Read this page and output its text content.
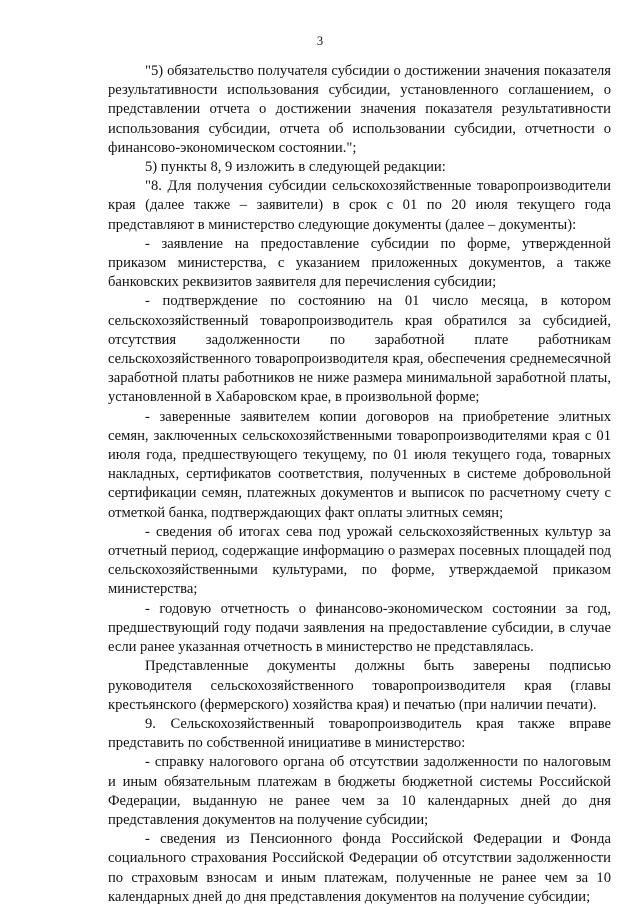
3

"5) обязательство получателя субсидии о достижении значения показателя результативности использования субсидии, установленного соглашением, о представлении отчета о достижении значения показателя результативности использования субсидии, отчета об использовании субсидии, отчетности о финансово-экономическом состоянии.";

5) пункты 8, 9 изложить в следующей редакции:

"8. Для получения субсидии сельскохозяйственные товаропроизводители края (далее также – заявители) в срок с 01 по 20 июля текущего года представляют в министерство следующие документы (далее – документы):

- заявление на предоставление субсидии по форме, утвержденной приказом министерства, с указанием приложенных документов, а также банковских реквизитов заявителя для перечисления субсидии;

- подтверждение по состоянию на 01 число месяца, в котором сельскохозяйственный товаропроизводитель края обратился за субсидией, отсутствия задолженности по заработной плате работникам сельскохозяйственного товаропроизводителя края, обеспечения среднемесячной заработной платы работников не ниже размера минимальной заработной платы, установленной в Хабаровском крае, в произвольной форме;

- заверенные заявителем копии договоров на приобретение элитных семян, заключенных сельскохозяйственными товаропроизводителями края с 01 июля года, предшествующего текущему, по 01 июля текущего года, товарных накладных, сертификатов соответствия, полученных в системе добровольной сертификации семян, платежных документов и выписок по расчетному счету с отметкой банка, подтверждающих факт оплаты элитных семян;

- сведения об итогах сева под урожай сельскохозяйственных культур за отчетный период, содержащие информацию о размерах посевных площадей под сельскохозяйственными культурами, по форме, утверждаемой приказом министерства;

- годовую отчетность о финансово-экономическом состоянии за год, предшествующий году подачи заявления на предоставление субсидии, в случае если ранее указанная отчетность в министерство не представлялась.

Представленные документы должны быть заверены подписью руководителя сельскохозяйственного товаропроизводителя края (главы крестьянского (фермерского) хозяйства края) и печатью (при наличии печати).

9. Сельскохозяйственный товаропроизводитель края также вправе представить по собственной инициативе в министерство:

- справку налогового органа об отсутствии задолженности по налоговым и иным обязательным платежам в бюджеты бюджетной системы Российской Федерации, выданную не ранее чем за 10 календарных дней до дня представления документов на получение субсидии;

- сведения из Пенсионного фонда Российской Федерации и Фонда социального страхования Российской Федерации об отсутствии задолженности по страховым взносам и иным платежам, полученные не ранее чем за 10 календарных дней до дня представления документов на получение субсидии;
